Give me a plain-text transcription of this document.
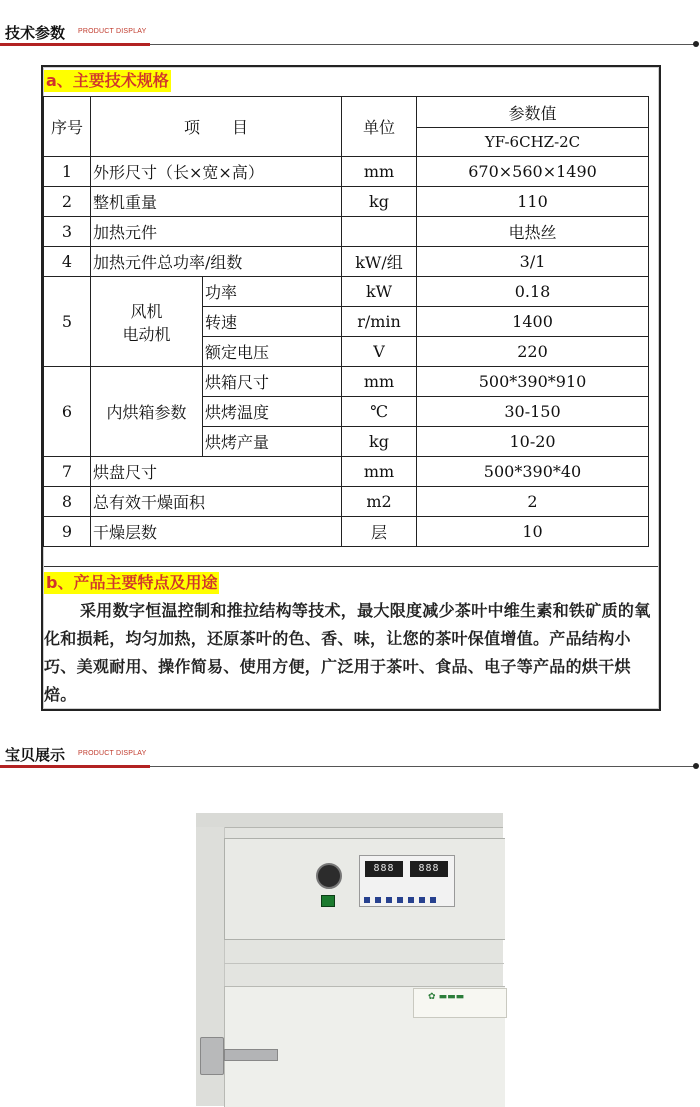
技术参数 PRODUCT DISPLAY
a、主要技术规格
序号	项　　目		单位	参数值
				YF-6CHZ-2C
1	外形尺寸（长×宽×高）		mm	670×560×1490
2	整机重量		kg	110
3	加热元件			电热丝
4	加热元件总功率/组数		kW/组	3/1
5	风机
电动机	功率	kW	0.18
		转速	r/min	1400
		额定电压	V	220
6	内烘箱参数	烘箱尺寸	mm	500*390*910
		烘烤温度	℃	30-150
		烘烤产量	kg	10-20
7	烘盘尺寸		mm	500*390*40
8	总有效干燥面积		m2	2
9	干燥层数		层	10
b、产品主要特点及用途
采用数字恒温控制和推拉结构等技术，最大限度减少茶叶中维生素和铁矿质的氧化和损耗，均匀加热，还原茶叶的色、香、味，让您的茶叶保值增值。产品结构小巧、美观耐用、操作简易、使用方便，广泛用于茶叶、食品、电子等产品的烘干烘焙。
宝贝展示 PRODUCT DISPLAY
888	888
✿ ▬▬▬
